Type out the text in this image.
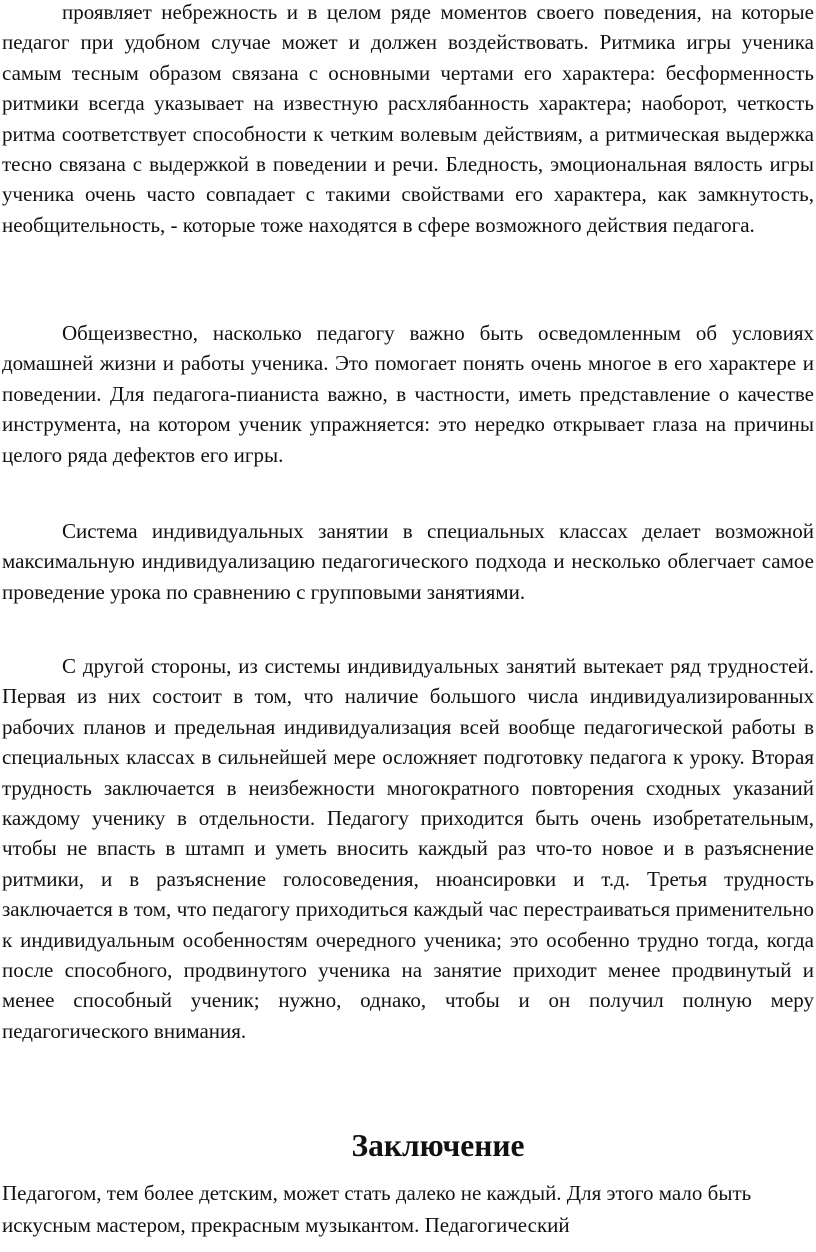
проявляет небрежность и в целом ряде моментов своего поведения, на которые педагог при удобном случае может и должен воздействовать. Ритмика игры ученика самым тесным образом связана с основными чертами его характера: бесформенность ритмики всегда указывает на известную расхлябанность характера; наоборот, четкость ритма соответствует способности к четким волевым действиям, а ритмическая выдержка тесно связана с выдержкой в поведении и речи. Бледность, эмоциональная вялость игры ученика очень часто совпадает с такими свойствами его характера, как замкнутость, необщительность, - которые тоже находятся в сфере возможного действия педагога.

Общеизвестно, насколько педагогу важно быть осведомленным об условиях домашней жизни и работы ученика. Это помогает понять очень многое в его характере и поведении. Для педагога-пианиста важно, в частности, иметь представление о качестве инструмента, на котором ученик упражняется: это нередко открывает глаза на причины целого ряда дефектов его игры.

Система индивидуальных занятии в специальных классах делает возможной максимальную индивидуализацию педагогического подхода и несколько облегчает самое проведение урока по сравнению с групповыми занятиями.

С другой стороны, из системы индивидуальных занятий вытекает ряд трудностей. Первая из них состоит в том, что наличие большого числа индивидуализированных рабочих планов и предельная индивидуализация всей вообще педагогической работы в специальных классах в сильнейшей мере осложняет подготовку педагога к уроку. Вторая трудность заключается в неизбежности многократного повторения сходных указаний каждому ученику в отдельности. Педагогу приходится быть очень изобретательным, чтобы не впасть в штамп и уметь вносить каждый раз что-то новое и в разъяснение ритмики, и в разъяснение голосоведения, нюансировки и т.д. Третья трудность заключается в том, что педагогу приходиться каждый час перестраиваться применительно к индивидуальным особенностям очередного ученика; это особенно трудно тогда, когда после способного, продвинутого ученика на занятие приходит менее продвинутый и менее способный ученик; нужно, однако, чтобы и он получил полную меру педагогического внимания.

Заключение

Педагогом, тем более детским, может стать далеко не каждый. Для этого мало быть искусным мастером, прекрасным музыкантом. Педагогический
